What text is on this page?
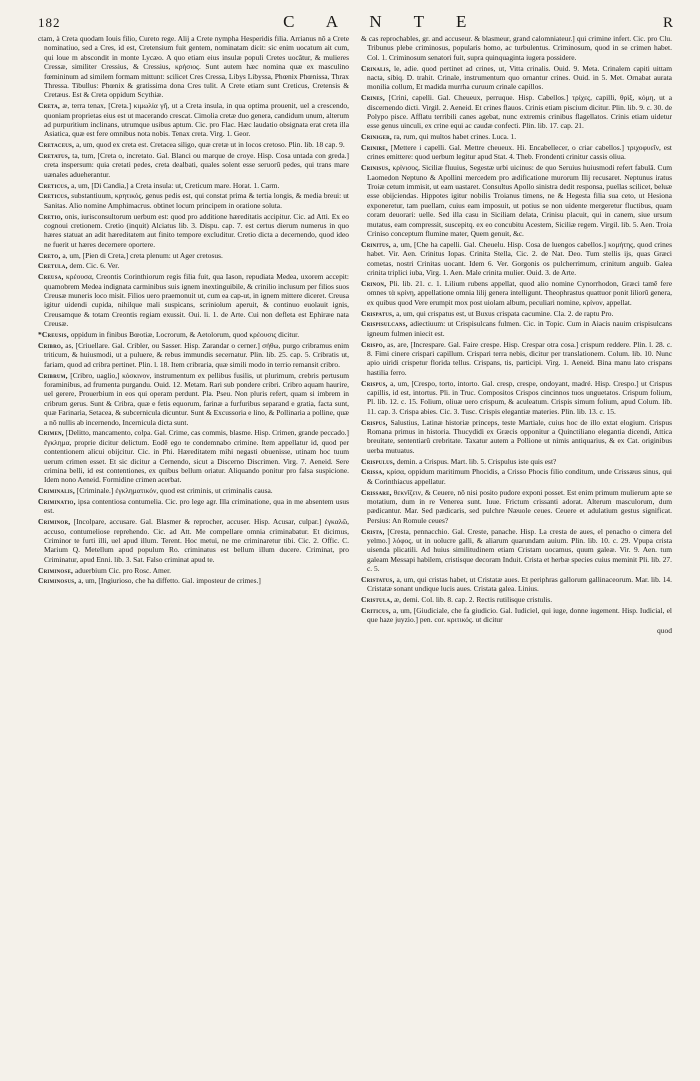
182	C A N T E	R

ctam, à Creta quodam Iouis filio, Cureto rege. Alij a Crete nympha Hesperidis filia. Arrianus nō a Crete nominatiuo, sed a Cres, id est, Cretensium fuit gentem, nominatam dicit: sic enim uocatum ait cum, qui loue m abscondit in monte Lycæo. A quo etiam eius insulæ populi Cretes uocātur, & mulieres Cressæ, similiter Cressius, & Cressius, κρήσιος. Sunt autem hæc nomina quæ ex masculino fœmininum ad similem formam mittunt: scilicet Cres Cressa, Libys Libyssa, Phœnix Phœnissa, Thrax Thressa. Tibullus: Phœnix & gratissima dona Cres tulit. A Crete etiam sunt Creticus, Cretensis & Cretæus. Est & Creta oppidum Scythiæ.

Creta, æ, terra tenax, [Creta.] κιμωλία γῆ, ut a Creta insula, in qua optima prouenit, uel a crescendo, quoniam proprietas eius est ut macerando crescat. Cimolia cretæ duo genera, candidum unum, alterum ad purpuritium inclinans, utrumque usibus aptum. Cic. pro Flac. Hæc laudatio obsignata erat creta illa Asiatica, quæ est fere omnibus nota nobis. Tenax creta. Virg. 1. Geor.

Cretaceus, a, um, quod ex creta est. Cretacea siligo, quæ cretæ ut in locos cretoso. Plin. lib. 18 cap. 9.

Cretatus, ta, tum, [Creta o, incretato. Gal. Blanci ou marque de croye. Hisp. Cosa untada con greda.] creta inspersum: quia cretati pedes, creta dealbati, quales solent esse seruorū pedes, qui trans mare uænales adueherantur.

Creticus, a, um, [Di Candia,] a Creta insula: ut, Creticum mare. Horat. 1. Carm.

Creticus, substantiuum, κρητικός, genus pedis est, qui constat prima & tertia longis, & media breui: ut Sanitas. Alio nomine Amphimacrus. obtinet locum principem in oratione soluta.

Cretio, onis, iurisconsultorum uerbum est: quod pro additione hæreditatis accipitur. Cic. ad Atti. Ex eo cognoui cretionem. Cretio (inquit) Alciatus lib. 3. Dispu. cap. 7. est certus dierum numerus in quo hæres statuat an adit hæreditatem aut finito tempore excluditur. Cretio dicta a decernendo, quod ideo ne fuerit ut hæres decernere oportere.

Creto, a, um, [Pien di Creta,] creta plenum: ut Ager cretosus.

Cretula, dem. Cic. 6. Ver.

Creusa, κρέουσα, Creontis Corinthiorum regis filia fuit, qua Iason, repudiata Medea, uxorem accepit: quamobrem Medea indignata carminibus suis ignem inextinguibile, & crinilio inclusum per filios suos Creusæ muneris loco misit. Filios uero praemonuit ut, cum ea cap-ut, in ignem mittere diceret. Creusa igitur uidendi cupida, nihilque mali suspicans, scriniolum aperuit, & continuo euolauit ignis, Creusamque & totam Creontis regiam exussit. Oui. li. 1. de Arte. Cui non defleta est Ephiræe nata Creusæ.

*Creusis, oppidum in finibus Bœotiæ, Locrorum, & Aetolorum, quod κρέουσις dicitur.

Cribro, as, [Criuellare. Gal. Cribler, ou Sasser. Hisp. Zarandar o cerner.] σήθω, purgo cribramus enim triticum, & huiusmodi, ut a puluere, & rebus immundis secernatur. Plin. lib. 25. cap. 5. Cribratis ut, fariam, quod ad cribra pertinet. Plin. l. 18. Item cribraria, quæ simili modo in terrio remansit cribro.

Cribrum, [Cribro, uaglio,] κόσκινον, instrumentum ex pellibus fusilis, ut plurimum, crebris pertusum foraminibus, ad frumenta purgandu. Ouid. 12. Metam. Rari sub pondere cribri. Cribro aquam haurire, uel gerere, Prouerbium in eos qui operam perdunt. Pla. Pseu. Non pluris refert, quam si imbrem in cribrum gerus. Sunt & Cribra, quæ e fetis equorum, farinæ a furfuribus separand e gratia, facta sunt, quæ Farinaria, Setacea, & subcernicula dicuntur. Sunt & Excussoria e lino, & Pollinaria a polline, quæ a nō nullis ab incernendo, Incernicula dicta sunt.

Crimen, [Delitto, mancamento, colpa. Gal. Crime, cas commis, blasme. Hisp. Crimen, grande peccado.] ἔγκλημα, proprie dicitur delictum. Eodē ego te condemnabo crimine. Item appellatur id, quod per contentionem alicui obijcitur. Cic. in Phi. Hæreditatem mihi negasti obuenisse, utinam hoc tuum uerum crimen esset. Et sic dicitur a Cernendo, sicut a Discerno Discrimen. Virg. 7. Aeneid. Sere crimina belli, id est contentiones, ex quibus bellum oriatur. Aliquando ponitur pro falsa suspicione. Idem nono Aeneid. Formidine crimen acerbat.

Criminalis, [Criminale.] ἐγκληματικόν, quod est criminis, ut criminalis causa.

Criminatio, ipsa contentiosa contumelia. Cic. pro lege agr. Illa criminatione, qua in me absentem usus est.

Criminor, [Incolpare, accusare. Gal. Blasmer & reprocher, accuser. Hisp. Acusar, culpar.] ἐγκαλῶ, accuso, contumeliose reprehendo. Cic. ad Att. Me compellare omnia criminabatur. Et dicimus, Criminor te furti illi, uel apud illum. Terent. Hoc metui, ne me criminaretur tibi. Cic. 2. Offic. C. Marium Q. Metellum apud populum Ro. criminatus est bellum illum ducere. Criminat, pro Criminatur, apud Enni. lib. 3. Sat. Falso criminat apud te.

Criminose, aduerbium Cic. pro Rosc. Amer.

Criminosus, a, um, [Ingiurioso, che ha diffetto. Gal. imposteur de crimes.]

& cas reprochables, gr. and accuseur. & blasmeur, grand calomniateur.] qui crimine infert. Cic. pro Clu. Tribunus plebe criminosus, popularis homo, ac turbulentus. Criminosum, quod in se crimen habet. Col. 1. Criminosum senatori fuit, supra quinquaginta iugera possidere.

Crinalis, le, adie. quod pertinet ad crines, ut, Vitta crinalis. Ouid. 9. Meta. Crinalem capiti uittam nacta, sibiq. D. trahit. Crinale, instrumentum quo ornantur crines. Ouid. in 5. Met. Ornabat aurata monilia collum, Et madida murrha curuum crinale capillos.

Crines, [Crini, capelli. Gal. Cheueux, perruque. Hisp. Cabellos.] τρίχες, capilli, θρὶξ, κόμη, ut a discernendo dicti. Virgil. 2. Aeneid. Et crines flauos. Crinis etiam piscium dicitur. Plin. lib. 9. c. 30. de Polypo pisce. Afflatu terribili canes agebat, nunc extremis crinibus flagellatos. Crinis etiam uidetur esse genus uinculi, ex crine equi ac caudæ confecti. Plin. lib. 17. cap. 21.

Criniger, ra, rum, qui multos habet crines. Luca. 1.

Crinire, [Mettere i capelli. Gal. Mettre cheueux. Hi. Encabellecer, o criar cabellos.] τριχοφυεῖν, est crines emittere: quod uerbum legitur apud Stat. 4. Theb. Frondenti crinitur cassis oliua.

Crinisus, κρίνισος, Siciliæ fluuius, Segestæ urbi uicinus: de quo Seruius huiusmodi refert fabulā. Cum Laomedon Neptuno & Apollini mercedem pro ædificatione murorum Ilij recusaret. Neptunus iratus Troiæ cetum immisit, ut eam uastaret. Consultus Apollo sinistra dedit responsa, puellas scilicet, beluæ esse obijciendas. Hippotes igitur nobilis Troianus timens, ne & Hegesta filia sua ceto, ut Hesiona exponeretur, tam puellam, cuius eam imposuit, ut potius se non uidente mergeretur fluctibus, quam coram deuorari: uelle. Sed illa casu in Siciliam delata, Crinisu placuit, qui in canem, siue ursum mutatus, eam compressit, suscepitq. ex eo concubitu Acestem, Siciliæ regem. Virgil. lib. 5. Aen. Troia Criniso conceptum flumine mater, Quem genuit, &c.

Crinitus, a, um, [Che ha capelli. Gal. Cheuelu. Hisp. Cosa de luengos cabellos.] κομήτης, quod crines habet. Vir. Aen. Crinitus Iopas. Crinita Stella, Cic. 2. de Nat. Deo. Tum stellis ijs, quas Græci cometas, nostri Crinitas uocant. Idem 6. Ver. Gorgonis os pulcherrimum, crinitum anguib. Galea crinita triplici iuba, Virg. 1. Aen. Male crinita mulier. Ouid. 3. de Arte.

Crinon, Pli. lib. 21. c. 1. Lilium rubens appellat, quod alio nomine Cynorrhodon, Græci tamē fere omnes τὰ κρίνη, appellatione omnia lilij genera intelligunt. Theophrastus quattuor ponit liliorū genera, ex quibus quod Vere erumpit mox post uiolam album, peculiari nomine, κρίνον, appellat.

Crispatus, a, um, qui crispatus est, ut Buxus crispata cacumine. Cla. 2. de raptu Pro.

Crispisulcans, adiectiuum: ut Crispisulcans fulmen. Cic. in Topic. Cum in Aiacis nauim crispisulcans igneum fulmen iniecit est.

Crispo, as, are, [Increspare. Gal. Faire crespe. Hisp. Crespar otra cosa.] crispum reddere. Plin. l. 28. c. 8. Fimi cinere crispari capillum. Crispari terra nebis, dicitur per translationem. Colum. lib. 10. Nunc apio uiridi crispetur florida tellus. Crispans, tis, participi. Virg. 1. Aeneid. Bina manu lato crispans hastilia ferro.

Crispus, a, um, [Crespo, torto, intorto. Gal. cresp, crespe, ondoyant, madré. Hisp. Crespo.] ut Crispus capillis, id est, intortus. Pli. in Truc. Compositos Crispos cincinnos tuos unguetatos. Crispum folium, Pl. lib. 12. c. 15. Folium, oliuæ uero crispum, & aculeatum. Crispis simum folium, apud Colum. lib. 11. cap. 3. Crispa abies. Cic. 3. Tusc. Crispis elegantiæ materies. Plin. lib. 13. c. 15.

Crispus, Salustius, Latinæ historiæ princeps, teste Martiale, cuius hoc de illo extat elogium. Crispus Romana primus in historia. Thucydidi ex Græcis opponitur a Quinctiliano elegantia dicendi, Attica breuitate, sententiarū crebritate. Taxatur autem a Pollione ut nimis antiquarius, & ex Cat. originibus uerba mutuatus.

Crispulus, demin. a Crispus. Mart. lib. 5. Crispulus iste quis est?

Crissa, κρίσα, oppidum maritimum Phocidis, a Crisso Phocis filio conditum, unde Crissæus sinus, qui & Corinthiacus appellatur.

Crissare, θεκνῖζειν, & Ceuere, nō nisi posito pudore exponi posset. Est enim primum mulierum apte se motatium, dum in re Venerea sunt. Iuue. Frictum crissanti adorat. Alterum masculorum, dum pædicantur. Mar. Sed pædicaris, sed pulchre Næuole ceues. Ceuere et adulatium gestus significat. Persius: An Romule ceues?

Crista, [Cresta, pennacchio. Gal. Creste, panache. Hisp. La cresta de aues, el penacho o cimera del yelmo.] λόφος, ut in uolucre galli, & aliarum quarundam auium. Plin. lib. 10. c. 29. Vpupa crista uisenda plicatili. Ad huius similitudinem etiam Cristam uocamus, quum galeæ. Vir. 9. Aen. tum galeam Messapi habilem, cristisque decoram Induit. Crista et herbæ species cuius meminit Pli. lib. 27. c. 5.

Cristatus, a, um, qui cristas habet, ut Cristatæ aues. Et periphras gallorum gallinaceorum. Mar. lib. 14. Cristatæ sonant undique lucis aues. Cristata galea. Linius.

Cristula, æ, demi. Col. lib. 8. cap. 2. Rectis rutilisque cristulis.

Criticus, a, um, [Giudiciale, che fa giudicio. Gal. Iudiciel, qui iuge, donne iugement. Hisp. Iudicial, el que haze juyzio.] pen. cor. κριτικός. ut dicitur

quod
